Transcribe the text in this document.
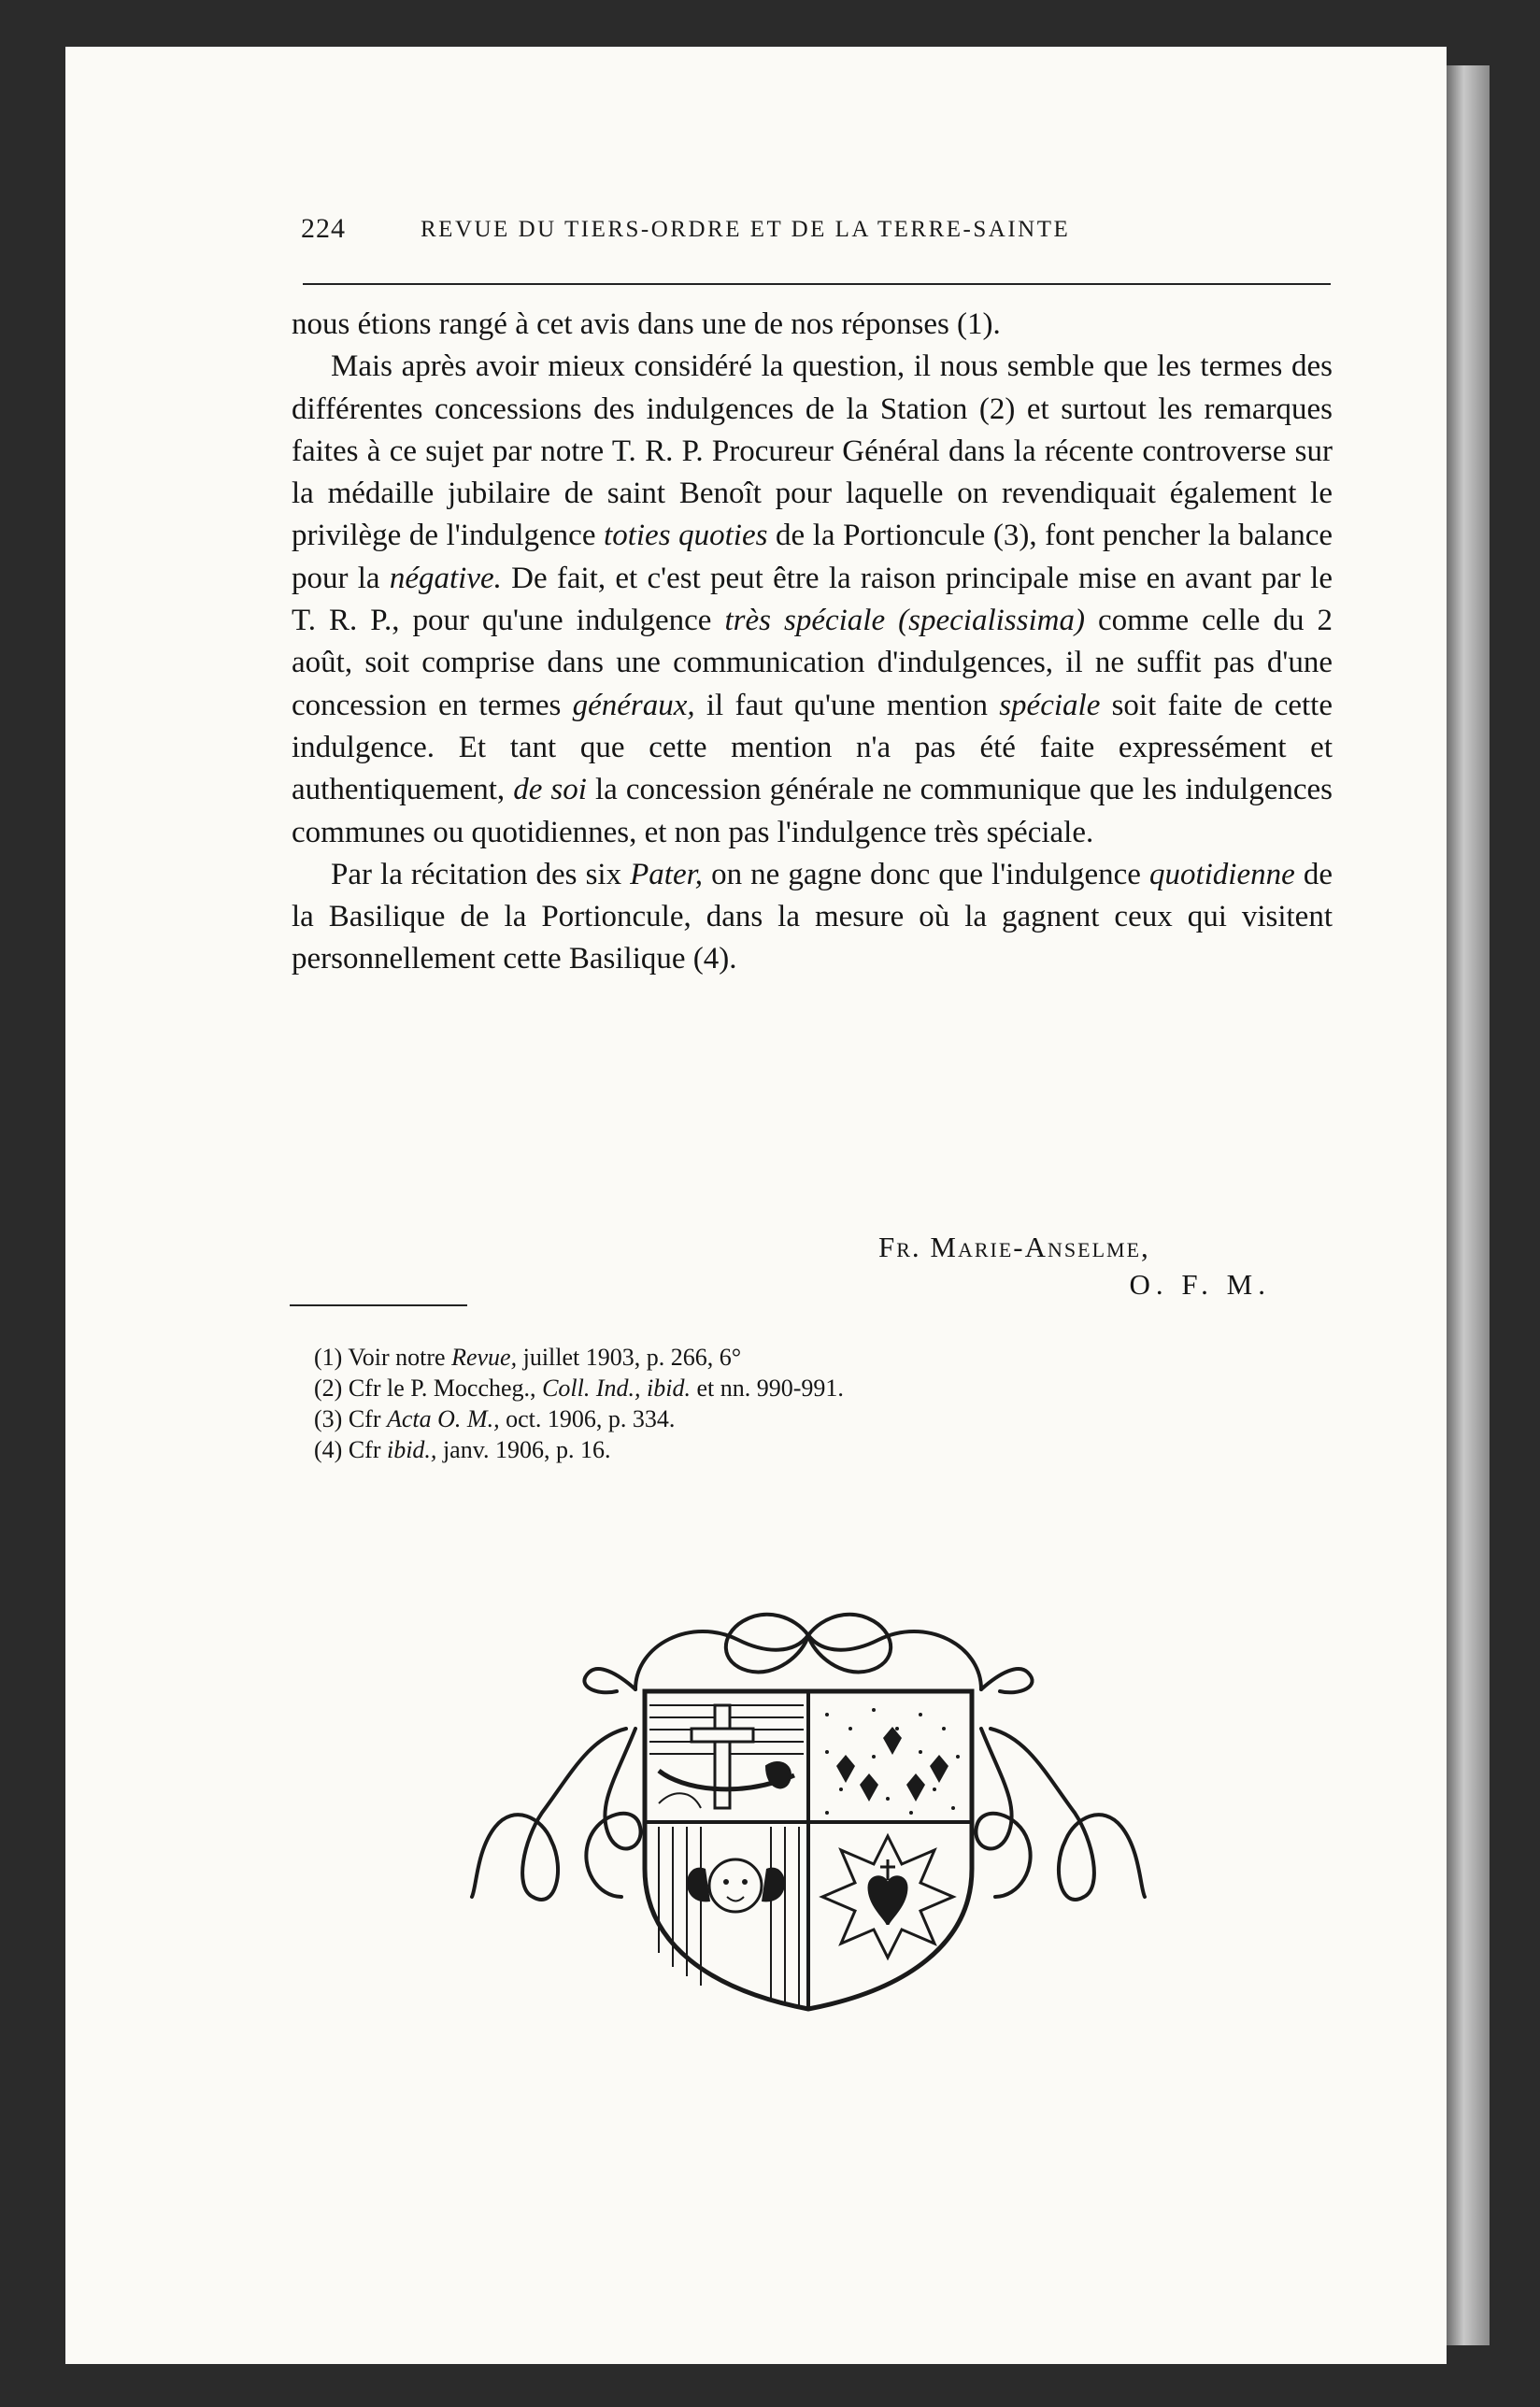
224	REVUE DU TIERS-ORDRE ET DE LA TERRE-SAINTE

nous étions rangé à cet avis dans une de nos réponses (1).

Mais après avoir mieux considéré la question, il nous semble que les termes des différentes concessions des indulgences de la Station (2) et surtout les remarques faites à ce sujet par notre T. R. P. Procureur Général dans la récente controverse sur la médaille jubilaire de saint Benoît pour laquelle on revendiquait également le privilège de l'indulgence toties quoties de la Portioncule (3), font pencher la balance pour la négative. De fait, et c'est peut être la raison principale mise en avant par le T. R. P., pour qu'une indulgence très spéciale (specialissima) comme celle du 2 août, soit comprise dans une communication d'indulgences, il ne suffit pas d'une concession en termes généraux, il faut qu'une mention spéciale soit faite de cette indulgence. Et tant que cette mention n'a pas été faite expressément et authentiquement, de soi la concession générale ne communique que les indulgences communes ou quotidiennes, et non pas l'indulgence très spéciale.

Par la récitation des six Pater, on ne gagne donc que l'indulgence quotidienne de la Basilique de la Portioncule, dans la mesure où la gagnent ceux qui visitent personnellement cette Basilique (4).

Fr. Marie-Anselme,
O. F. M.
(1) Voir notre Revue, juillet 1903, p. 266, 6°
(2) Cfr le P. Moccheg., Coll. Ind., ibid. et nn. 990-991.
(3) Cfr Acta O. M., oct. 1906, p. 334.
(4) Cfr ibid., janv. 1906, p. 16.
